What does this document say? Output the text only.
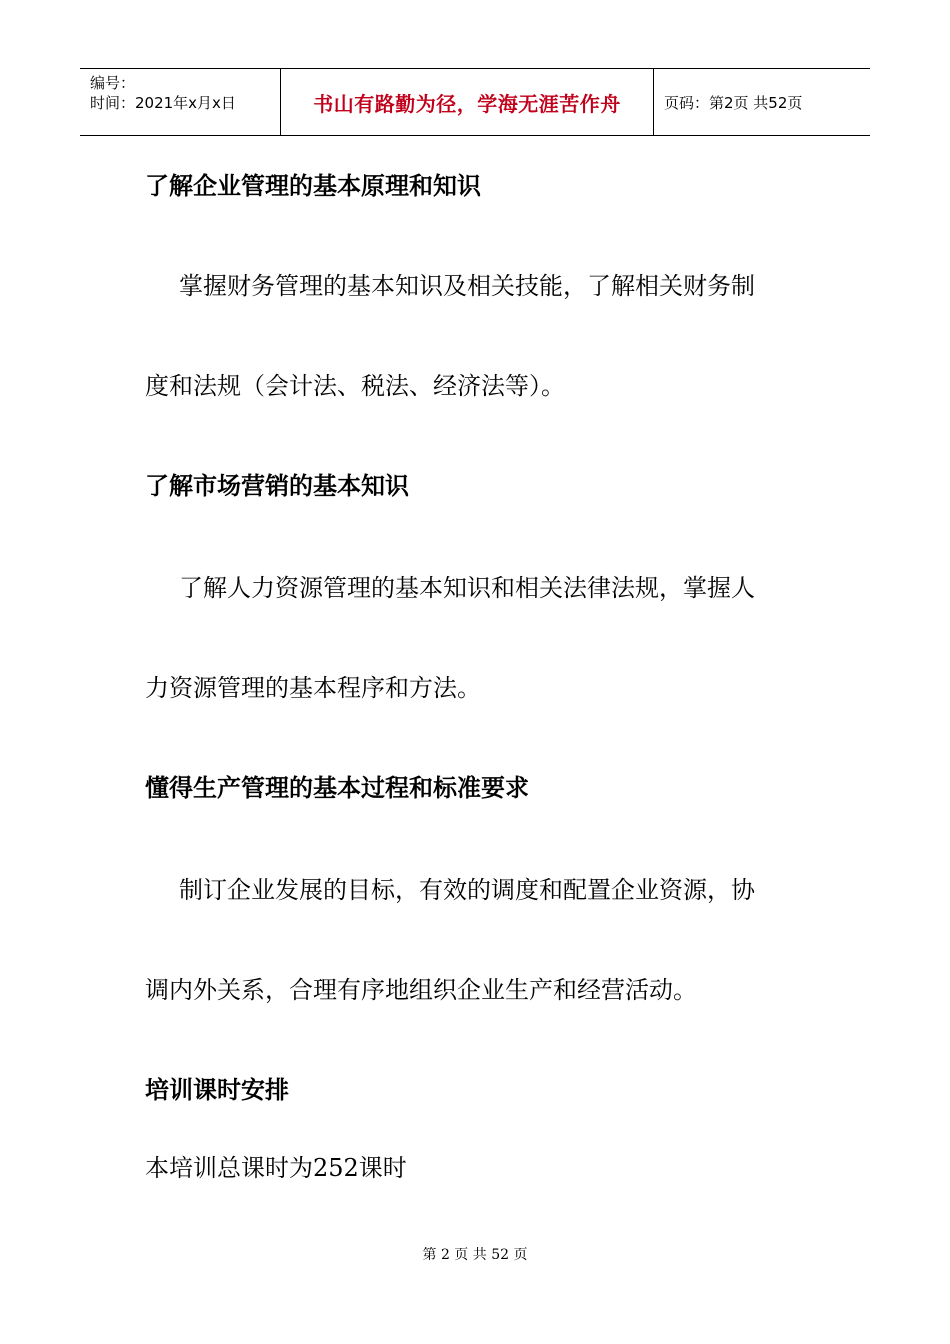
编号：
时间：2021年x月x日	书山有路勤为径，学海无涯苦作舟	页码：第2页 共52页
了解企业管理的基本原理和知识
掌握财务管理的基本知识及相关技能，了解相关财务制
度和法规（会计法、税法、经济法等）。
了解市场营销的基本知识
了解人力资源管理的基本知识和相关法律法规，掌握人
力资源管理的基本程序和方法。
懂得生产管理的基本过程和标准要求
制订企业发展的目标，有效的调度和配置企业资源，协
调内外关系，合理有序地组织企业生产和经营活动。
培训课时安排
本培训总课时为252课时
第 2 页 共 52 页
